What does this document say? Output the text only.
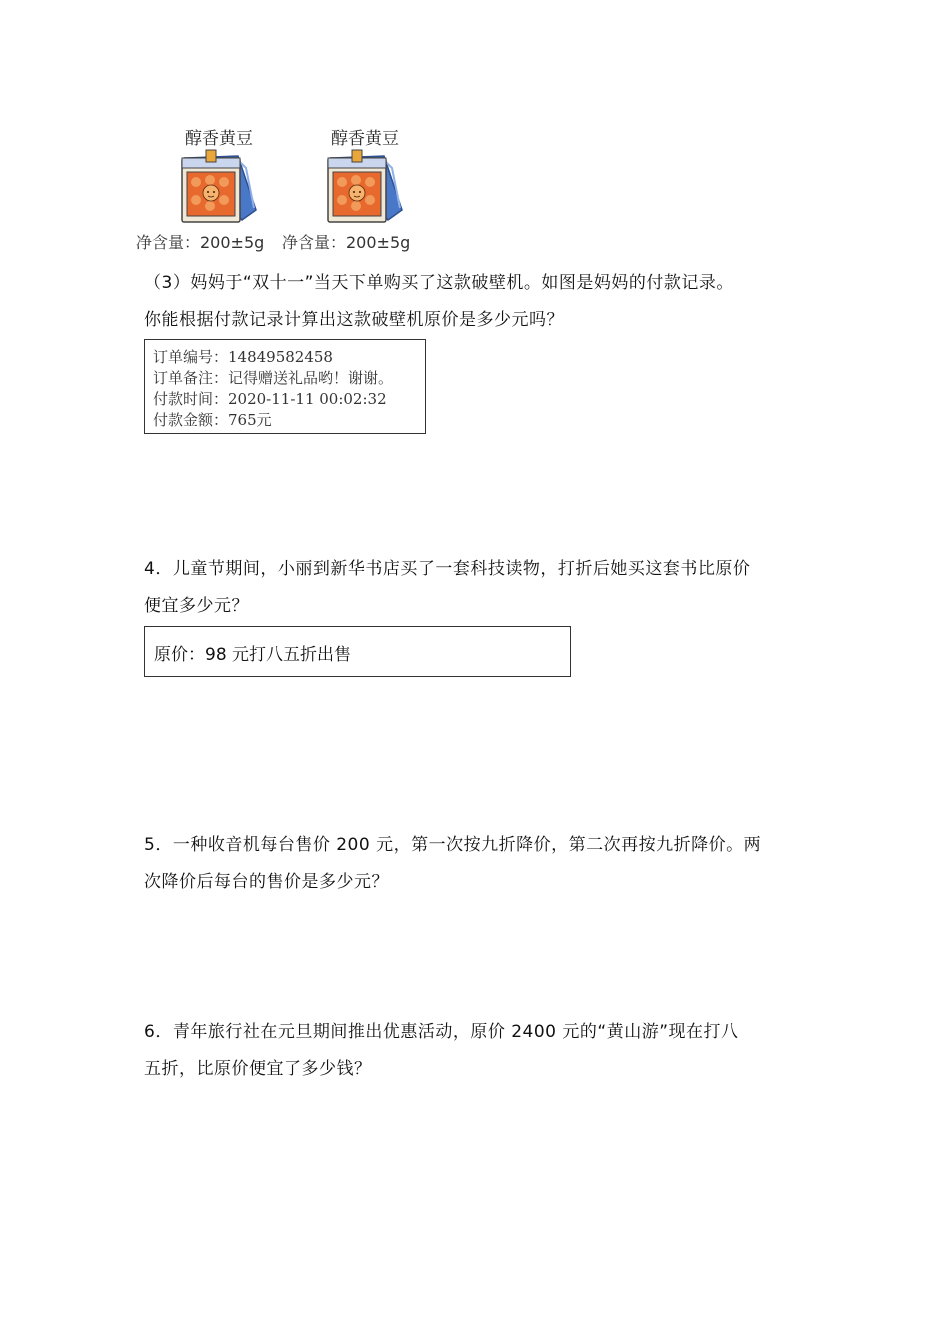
醇香黄豆
净含量：200±5g
醇香黄豆
净含量：200±5g
（3）妈妈于“双十一”当天下单购买了这款破壁机。如图是妈妈的付款记录。
你能根据付款记录计算出这款破壁机原价是多少元吗？
订单编号：14849582458
订单备注：记得赠送礼品哟！谢谢。
付款时间：2020-11-11 00:02:32
付款金额：765元
4．儿童节期间，小丽到新华书店买了一套科技读物，打折后她买这套书比原价
便宜多少元？
原价：98 元打八五折出售
5．一种收音机每台售价 200 元，第一次按九折降价，第二次再按九折降价。两
次降价后每台的售价是多少元？
6．青年旅行社在元旦期间推出优惠活动，原价 2400 元的“黄山游”现在打八
五折，比原价便宜了多少钱？
